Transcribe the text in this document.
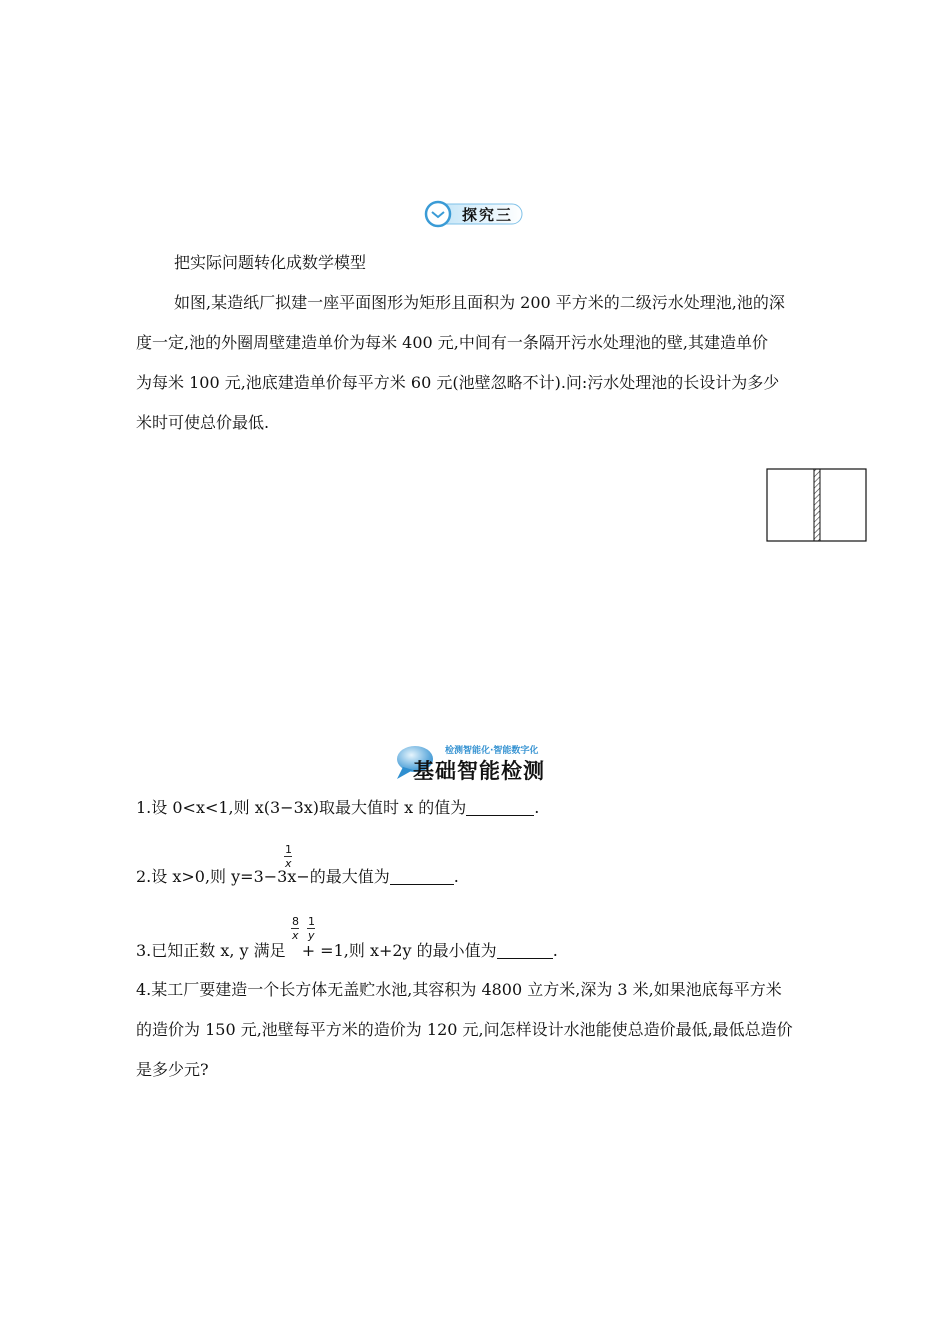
探究三
把实际问题转化成数学模型
如图,某造纸厂拟建一座平面图形为矩形且面积为 200 平方米的二级污水处理池,池的深
度一定,池的外圈周壁建造单价为每米 400 元,中间有一条隔开污水处理池的壁,其建造单价
为每米 100 元,池底建造单价每平方米 60 元(池壁忽略不计).问:污水处理池的长设计为多少
米时可使总价最低.
检测智能化·智能数字化
基础智能检测
1.设 0<x<1,则 x(3−3x)取最大值时 x 的值为	.
1
x
2.设 x>0,则 y=3−3x−的最大值为	.
8
x
1
y
3.已知正数 x, y 满足 + =1,则 x+2y 的最小值为	.
4.某工厂要建造一个长方体无盖贮水池,其容积为 4800 立方米,深为 3 米,如果池底每平方米
的造价为 150 元,池壁每平方米的造价为 120 元,问怎样设计水池能使总造价最低,最低总造价
是多少元?
